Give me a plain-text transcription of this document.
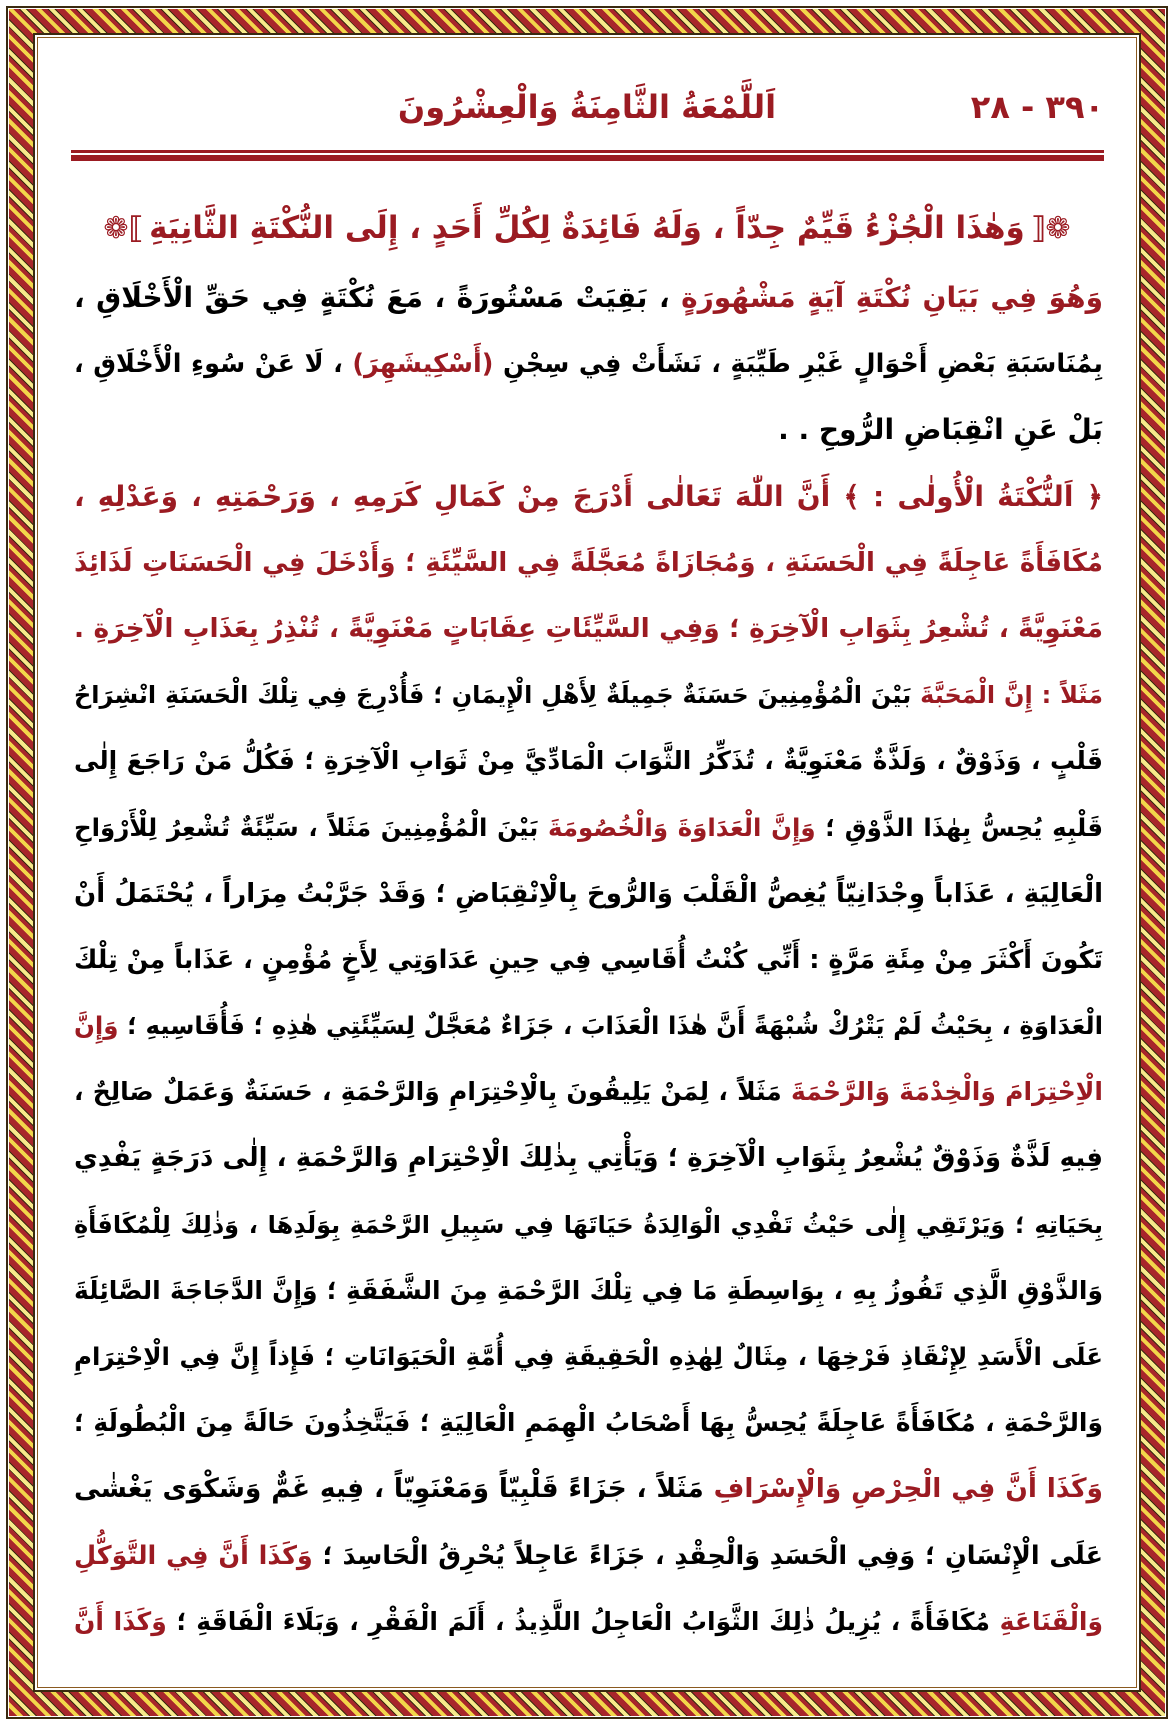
٣٩٠ - ٢٨
اَللَّمْعَةُ الثَّامِنَةُ وَالْعِشْرُونَ
❁⟦وَهٰذَا الْجُزْءُ قَيِّمٌ جِدّاً ، وَلَهُ فَائِدَةٌ لِكُلِّ أَحَدٍ ، إِلَى النُّكْتَةِ الثَّانِيَةِ⟧❁
وَهُوَ فِي بَيَانِ نُكْتَةِ آيَةٍ مَشْهُورَةٍ ، بَقِيَتْ مَسْتُورَةً ، مَعَ نُكْتَةٍ فِي حَقِّ الْأَخْلَاقِ ،
بِمُنَاسَبَةِ بَعْضِ أَحْوَالٍ غَيْرِ طَيِّبَةٍ ، نَشَأَتْ فِي سِجْنِ (أَسْكِيشَهِرَ) ، لَا عَنْ سُوءِ الْأَخْلَاقِ ،
بَلْ عَنِ انْقِبَاضِ الرُّوحِ . .
﴿ اَلنُّكْتَةُ الْأُولٰى : ﴾ أَنَّ اللّٰهَ تَعَالٰى أَدْرَجَ مِنْ كَمَالِ كَرَمِهِ ، وَرَحْمَتِهِ ، وَعَدْلِهِ ،
مُكَافَأَةً عَاجِلَةً فِي الْحَسَنَةِ ، وَمُجَازَاةً مُعَجَّلَةً فِي السَّيِّئَةِ ؛ وَأَدْخَلَ فِي الْحَسَنَاتِ لَذَائِذَ
مَعْنَوِيَّةً ، تُشْعِرُ بِثَوَابِ الْآخِرَةِ ؛ وَفِي السَّيِّئَاتِ عِقَابَاتٍ مَعْنَوِيَّةً ، تُنْذِرُ بِعَذَابِ الْآخِرَةِ .
مَثَلاً : إِنَّ الْمَحَبَّةَ بَيْنَ الْمُؤْمِنِينَ حَسَنَةٌ جَمِيلَةٌ لِأَهْلِ الْإِيمَانِ ؛ فَأُدْرِجَ فِي تِلْكَ الْحَسَنَةِ انْشِرَاحُ
قَلْبٍ ، وَذَوْقٌ ، وَلَذَّةٌ مَعْنَوِيَّةٌ ، تُذَكِّرُ الثَّوَابَ الْمَادِّيَّ مِنْ ثَوَابِ الْآخِرَةِ ؛ فَكُلُّ مَنْ رَاجَعَ إِلٰى
قَلْبِهِ يُحِسُّ بِهٰذَا الذَّوْقِ ؛ وَإِنَّ الْعَدَاوَةَ وَالْخُصُومَةَ بَيْنَ الْمُؤْمِنِينَ مَثَلاً ، سَيِّئَةٌ تُشْعِرُ لِلْأَرْوَاحِ
الْعَالِيَةِ ، عَذَاباً وِجْدَانِيّاً يُغِصُّ الْقَلْبَ وَالرُّوحَ بِالْاِنْقِبَاضِ ؛ وَقَدْ جَرَّبْتُ مِرَاراً ، يُحْتَمَلُ أَنْ
تَكُونَ أَكْثَرَ مِنْ مِئَةِ مَرَّةٍ : أَنِّي كُنْتُ أُقَاسِي فِي حِينِ عَدَاوَتِي لِأَخٍ مُؤْمِنٍ ، عَذَاباً مِنْ تِلْكَ
الْعَدَاوَةِ ، بِحَيْثُ لَمْ يَتْرُكْ شُبْهَةً أَنَّ هٰذَا الْعَذَابَ ، جَزَاءٌ مُعَجَّلٌ لِسَيِّئَتِي هٰذِهِ ؛ فَأُقَاسِيهِ ؛ وَإِنَّ
الْاِحْتِرَامَ وَالْخِدْمَةَ وَالرَّحْمَةَ مَثَلاً ، لِمَنْ يَلِيقُونَ بِالْاِحْتِرَامِ وَالرَّحْمَةِ ، حَسَنَةٌ وَعَمَلٌ صَالِحٌ ،
فِيهِ لَذَّةٌ وَذَوْقٌ يُشْعِرُ بِثَوَابِ الْآخِرَةِ ؛ وَيَأْتِي بِذٰلِكَ الْاِحْتِرَامِ وَالرَّحْمَةِ ، إِلٰى دَرَجَةٍ يَفْدِي
بِحَيَاتِهِ ؛ وَيَرْتَقِي إِلٰى حَيْثُ تَفْدِي الْوَالِدَةُ حَيَاتَهَا فِي سَبِيلِ الرَّحْمَةِ بِوَلَدِهَا ، وَذٰلِكَ لِلْمُكَافَأَةِ
وَالذَّوْقِ الَّذِي تَفُوزُ بِهِ ، بِوَاسِطَةِ مَا فِي تِلْكَ الرَّحْمَةِ مِنَ الشَّفَقَةِ ؛ وَإِنَّ الدَّجَاجَةَ الصَّائِلَةَ
عَلَى الْأَسَدِ لِإِنْقَاذِ فَرْخِهَا ، مِثَالٌ لِهٰذِهِ الْحَقِيقَةِ فِي أُمَّةِ الْحَيَوَانَاتِ ؛ فَإِذاً إِنَّ فِي الْاِحْتِرَامِ
وَالرَّحْمَةِ ، مُكَافَأَةً عَاجِلَةً يُحِسُّ بِهَا أَصْحَابُ الْهِمَمِ الْعَالِيَةِ ؛ فَيَتَّخِذُونَ حَالَةً مِنَ الْبُطُولَةِ ؛
وَكَذَا أَنَّ فِي الْحِرْصِ وَالْإِسْرَافِ مَثَلاً ، جَزَاءً قَلْبِيّاً وَمَعْنَوِيّاً ، فِيهِ غَمٌّ وَشَكْوَى يَغْشٰى
عَلَى الْإِنْسَانِ ؛ وَفِي الْحَسَدِ وَالْحِقْدِ ، جَزَاءً عَاجِلاً يُحْرِقُ الْحَاسِدَ ؛ وَكَذَا أَنَّ فِي التَّوَكُّلِ
وَالْقَنَاعَةِ مُكَافَأَةً ، يُزِيلُ ذٰلِكَ الثَّوَابُ الْعَاجِلُ اللَّذِيذُ ، أَلَمَ الْفَقْرِ ، وَبَلَاءَ الْفَاقَةِ ؛ وَكَذَا أَنَّ
